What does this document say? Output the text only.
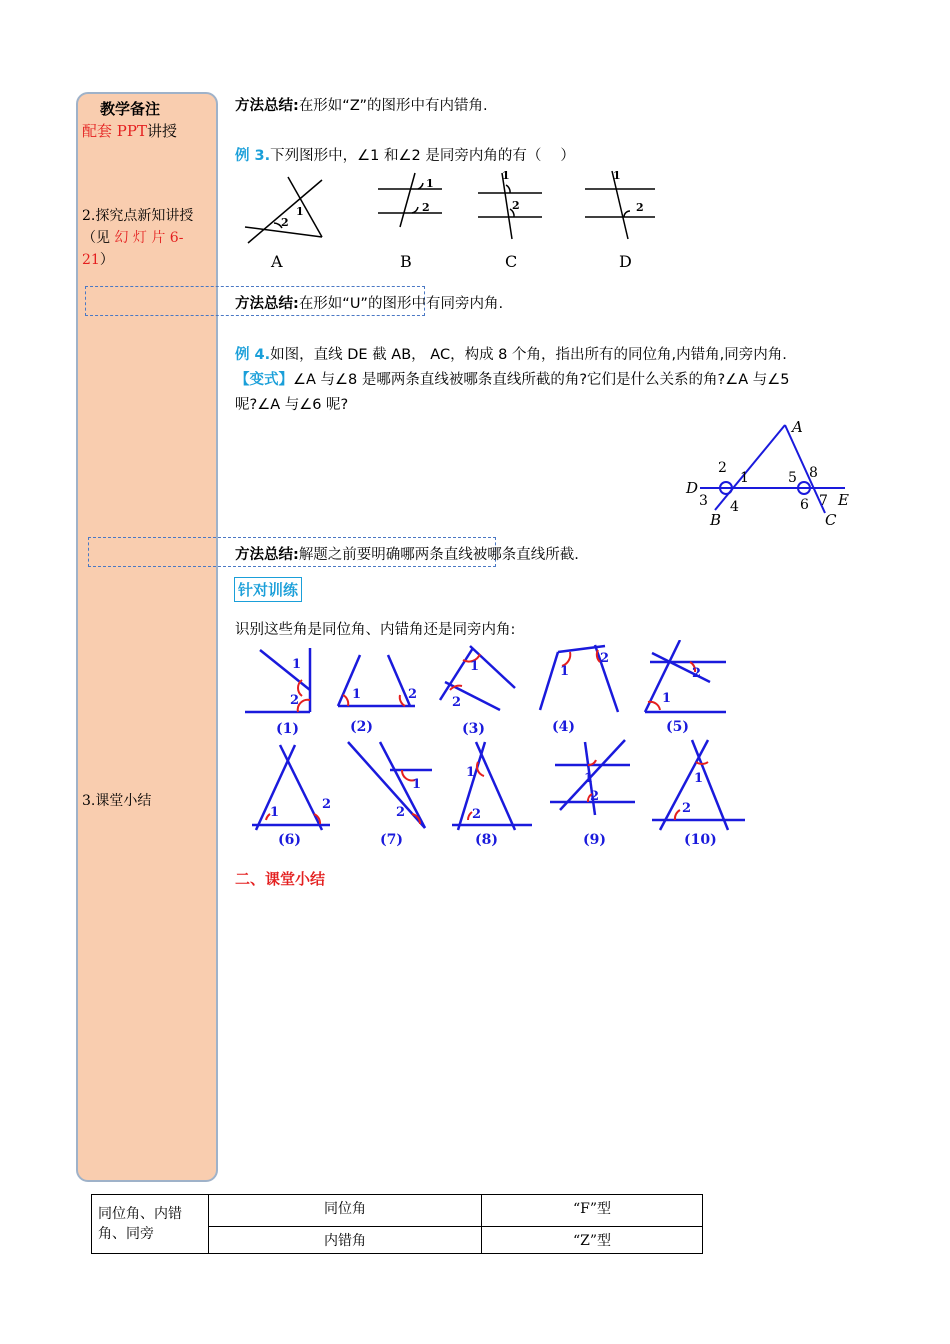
教学备注
配套 PPT讲授
2.探究点新知讲授
（见 幻 灯 片 6-
21）
3.课堂小结
方法总结:在形如“Z”的图形中有内错角.
例 3.下列图形中，∠1 和∠2 是同旁内角的有（　 ）
1
2
A
1
2
B
1
2
C
1
2
D
方法总结:在形如“U”的图形中有同旁内角.
例 4.如图，直线 DE 截 AB， AC，构成 8 个角，指出所有的同位角,内错角,同旁内角.
【变式】∠A 与∠8 是哪两条直线被哪条直线所截的角?它们是什么关系的角?∠A 与∠5
呢?∠A 与∠6 呢?
A
B	C
D
E
1
2
3 4
5
6 7
8
方法总结:解题之前要明确哪两条直线被哪条直线所截.
针对训练
识别这些角是同位角、内错角还是同旁内角:
1
2	1	2
1
2
1
2
2
1
1
2
1
2
1
2
1
2
1
2
(1)	(2)	(3)	(4)	(5)
(6)	(7)	(8)	(9)	(10)
二、课堂小结
同位角、内错角、同旁	同位角	“F”型
	内错角	“Z”型
